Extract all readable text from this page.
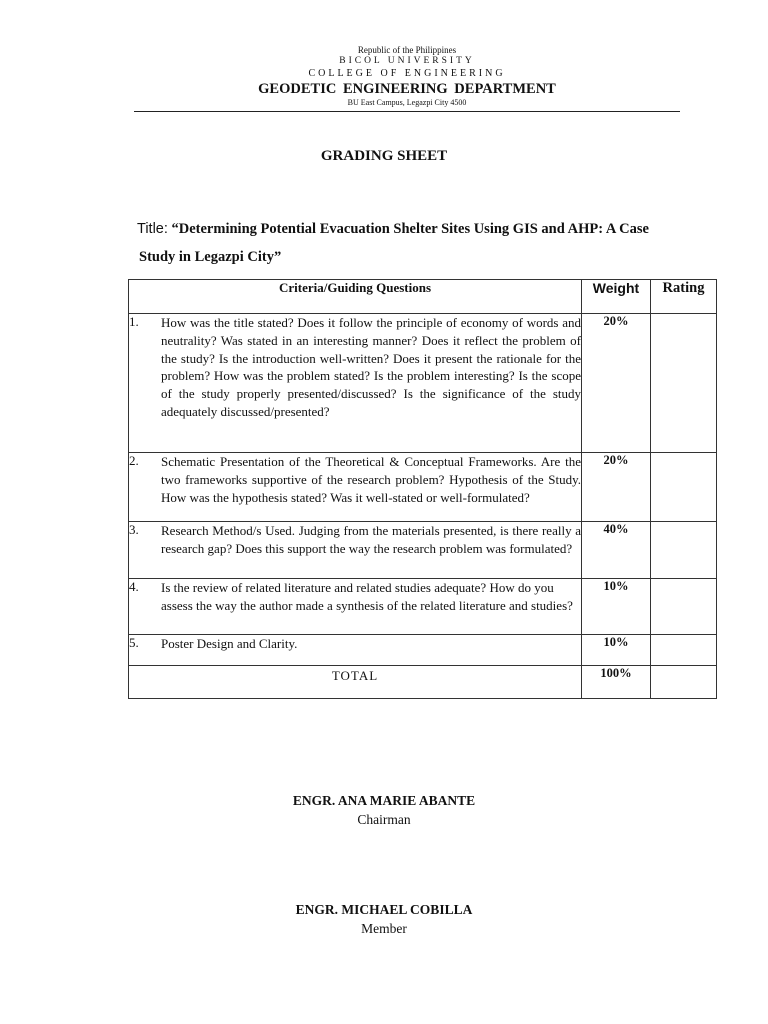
Republic of the Philippines
BICOL UNIVERSITY
COLLEGE OF ENGINEERING
GEODETIC ENGINEERING DEPARTMENT
BU East Campus, Legazpi City 4500
GRADING SHEET
Title: “Determining Potential Evacuation Shelter Sites Using GIS and AHP: A Case
Study in Legazpi City”
Criteria/Guiding Questions	Weight	Rating

1. How was the title stated? Does it follow the principle of economy of words and neutrality? Was stated in an interesting manner? Does it reflect the problem of the study? Is the introduction well-written? Does it present the rationale for the problem? How was the problem stated? Is the problem interesting? Is the scope of the study properly presented/discussed? Is the significance of the study adequately discussed/presented?	20%	

2. Schematic Presentation of the Theoretical & Conceptual Frameworks. Are the two frameworks supportive of the research problem? Hypothesis of the Study. How was the hypothesis stated? Was it well-stated or well-formulated?	20%	

3. Research Method/s Used. Judging from the materials presented, is there really a research gap? Does this support the way the research problem was formulated?	40%	

4. Is the review of related literature and related studies adequate? How do you assess the way the author made a synthesis of the related literature and studies?	10%	

5. Poster Design and Clarity.	10%	
TOTAL	100%	
ENGR. ANA MARIE ABANTE
Chairman
ENGR. MICHAEL COBILLA
Member
